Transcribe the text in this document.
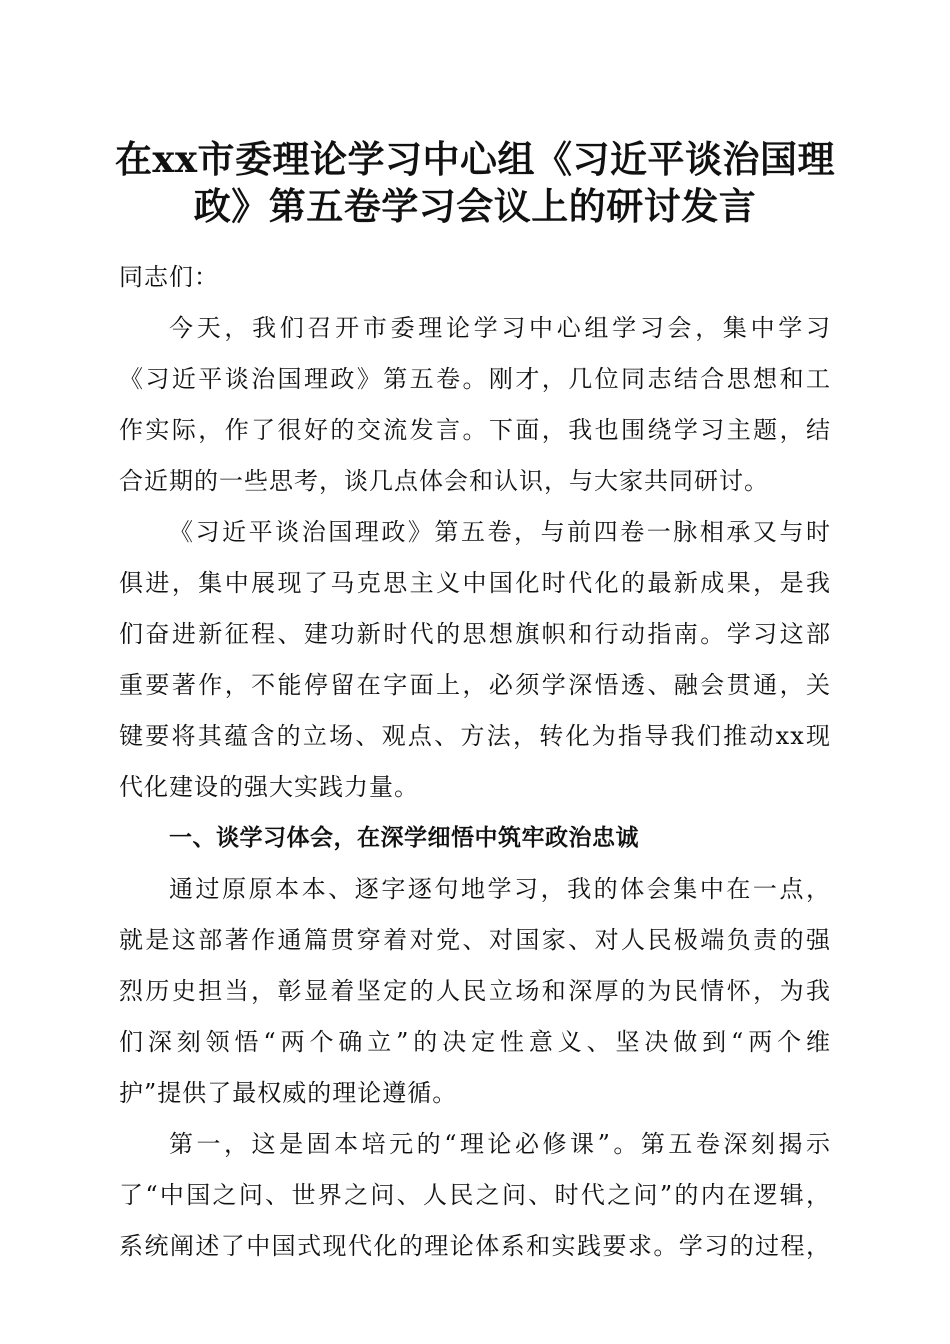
在xx市委理论学习中心组《习近平谈治国理
政》第五卷学习会议上的研讨发言
同志们：
今天，我们召开市委理论学习中心组学习会，集中学习
《习近平谈治国理政》第五卷。刚才，几位同志结合思想和工
作实际，作了很好的交流发言。下面，我也围绕学习主题，结
合近期的一些思考，谈几点体会和认识，与大家共同研讨。
《习近平谈治国理政》第五卷，与前四卷一脉相承又与时
俱进，集中展现了马克思主义中国化时代化的最新成果，是我
们奋进新征程、建功新时代的思想旗帜和行动指南。学习这部
重要著作，不能停留在字面上，必须学深悟透、融会贯通，关
键要将其蕴含的立场、观点、方法，转化为指导我们推动xx现
代化建设的强大实践力量。
一、谈学习体会，在深学细悟中筑牢政治忠诚
通过原原本本、逐字逐句地学习，我的体会集中在一点，
就是这部著作通篇贯穿着对党、对国家、对人民极端负责的强
烈历史担当，彰显着坚定的人民立场和深厚的为民情怀，为我
们深刻领悟“两个确立”的决定性意义、坚决做到“两个维
护”提供了最权威的理论遵循。
第一，这是固本培元的“理论必修课”。第五卷深刻揭示
了“中国之问、世界之问、人民之问、时代之问”的内在逻辑，
系统阐述了中国式现代化的理论体系和实践要求。学习的过程，
